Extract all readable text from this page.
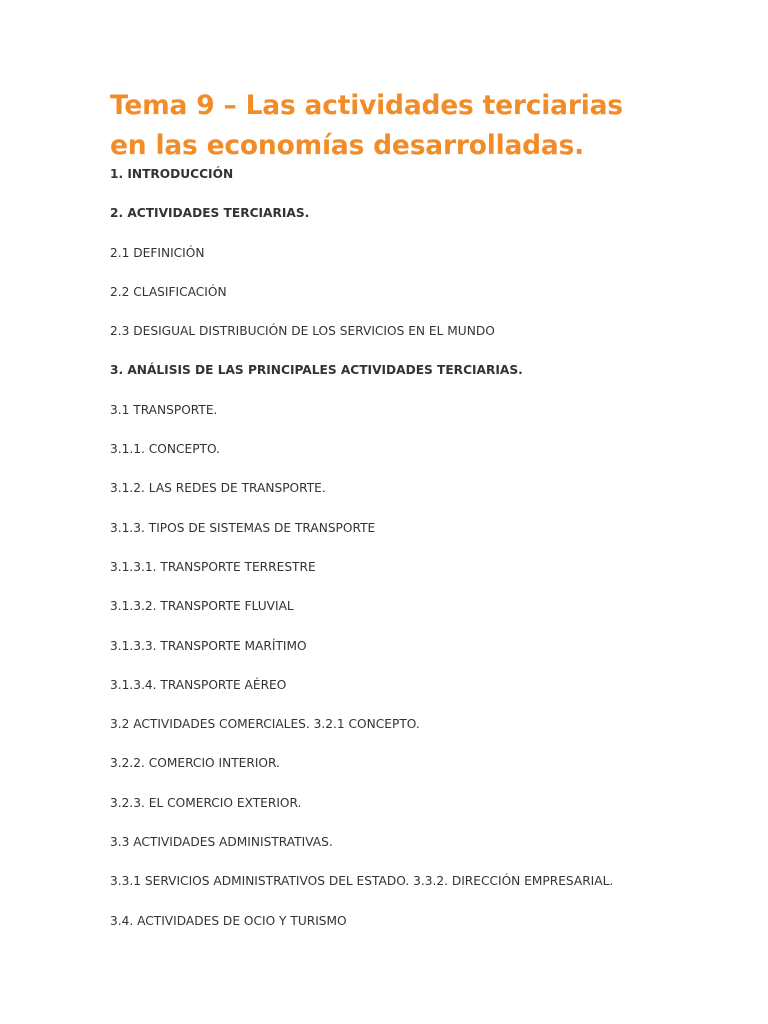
Tema 9 – Las actividades terciarias
en las economías desarrolladas.
1. INTRODUCCIÓN
2. ACTIVIDADES TERCIARIAS.
2.1 DEFINICIÓN
2.2 CLASIFICACIÓN
2.3 DESIGUAL DISTRIBUCIÓN DE LOS SERVICIOS EN EL MUNDO
3. ANÁLISIS DE LAS PRINCIPALES ACTIVIDADES TERCIARIAS.
3.1 TRANSPORTE.
3.1.1. CONCEPTO.
3.1.2. LAS REDES DE TRANSPORTE.
3.1.3. TIPOS DE SISTEMAS DE TRANSPORTE
3.1.3.1. TRANSPORTE TERRESTRE
3.1.3.2. TRANSPORTE FLUVIAL
3.1.3.3. TRANSPORTE MARÍTIMO
3.1.3.4. TRANSPORTE AÉREO
3.2 ACTIVIDADES COMERCIALES. 3.2.1 CONCEPTO.
3.2.2. COMERCIO INTERIOR.
3.2.3. EL COMERCIO EXTERIOR.
3.3 ACTIVIDADES ADMINISTRATIVAS.
3.3.1 SERVICIOS ADMINISTRATIVOS DEL ESTADO. 3.3.2. DIRECCIÓN EMPRESARIAL.
3.4. ACTIVIDADES DE OCIO Y TURISMO
